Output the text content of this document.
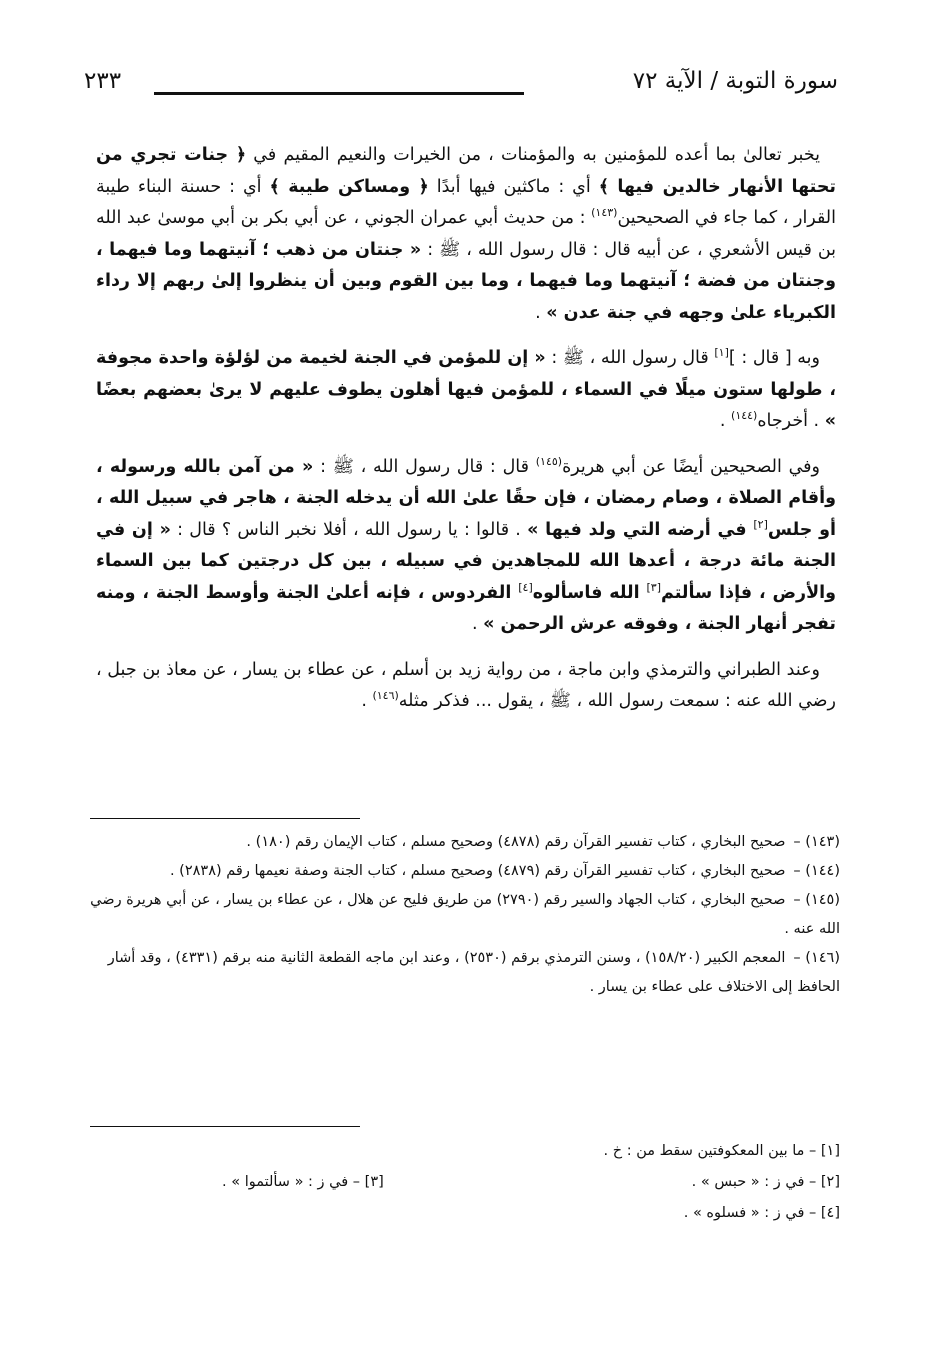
سورة التوبة / الآية ٧٢
٢٣٣

يخبر تعالىٰ بما أعده للمؤمنين به والمؤمنات ، من الخيرات والنعيم المقيم في ﴿ جنات تجري من تحتها الأنهار خالدين فيها ﴾ أي : ماكثين فيها أبدًا ﴿ ومساكن طيبة ﴾ أي : حسنة البناء طيبة القرار ، كما جاء في الصحيحين$^{(١٤٣)}$ : من حديث أبي عمران الجوني ، عن أبي بكر بن أبي موسىٰ عبد الله بن قيس الأشعري ، عن أبيه قال : قال رسول الله ، ﷺ : « جنتان من ذهب ؛ آنيتهما وما فيهما ، وجنتان من فضة ؛ آنيتهما وما فيهما ، وما بين القوم وبين أن ينظروا إلىٰ ربهم إلا رداء الكبرياء علىٰ وجهه في جنة عدن » .

وبه [ قال : ][١] قال رسول الله ، ﷺ : « إن للمؤمن في الجنة لخيمة من لؤلؤة واحدة مجوفة ، طولها ستون ميلًا في السماء ، للمؤمن فيها أهلون يطوف عليهم لا يرىٰ بعضهم بعضًا » . أخرجاه$^{(١٤٤)}$ .

وفي الصحيحين أيضًا عن أبي هريرة$^{(١٤٥)}$ قال : قال رسول الله ، ﷺ : « من آمن بالله ورسوله ، وأقام الصلاة ، وصام رمضان ، فإن حقًا علىٰ الله أن يدخله الجنة ، هاجر في سبيل الله ، أو جلس[٢] في أرضه التي ولد فيها » . قالوا : يا رسول الله ، أفلا نخبر الناس ؟ قال : « إن في الجنة مائة درجة ، أعدها الله للمجاهدين في سبيله ، بين كل درجتين كما بين السماء والأرض ، فإذا سألتم[٣] الله فاسألوه[٤] الفردوس ، فإنه أعلىٰ الجنة وأوسط الجنة ، ومنه تفجر أنهار الجنة ، وفوقه عرش الرحمن » .

وعند الطبراني والترمذي وابن ماجة ، من رواية زيد بن أسلم ، عن عطاء بن يسار ، عن معاذ بن جبل ، رضي الله عنه : سمعت رسول الله ، ﷺ ، يقول ... فذكر مثله$^{(١٤٦)}$ .

(١٤٣) –صحيح البخاري ، كتاب تفسير القرآن رقم (٤٨٧٨) وصحيح مسلم ، كتاب الإيمان رقم (١٨٠) .
(١٤٤) –صحيح البخاري ، كتاب تفسير القرآن رقم (٤٨٧٩) وصحيح مسلم ، كتاب الجنة وصفة نعيمها رقم (٢٨٣٨) .
(١٤٥) –صحيح البخاري ، كتاب الجهاد والسير رقم (٢٧٩٠) من طريق فليح عن هلال ، عن عطاء بن يسار ، عن أبي هريرة رضي الله عنه .
(١٤٦) –المعجم الكبير (١٥٨/٢٠) ، وسنن الترمذي برقم (٢٥٣٠) ، وعند ابن ماجه القطعة الثانية منه برقم (٤٣٣١) ، وقد أشار الحافظ إلى الاختلاف على عطاء بن يسار .
[١] – ما بين المعكوفتين سقط من : خ .
[٢] – في ز : « حبس » .
[٣] – في ز : « سألتموا » .
[٤] – في ز : « فسلوه » .
